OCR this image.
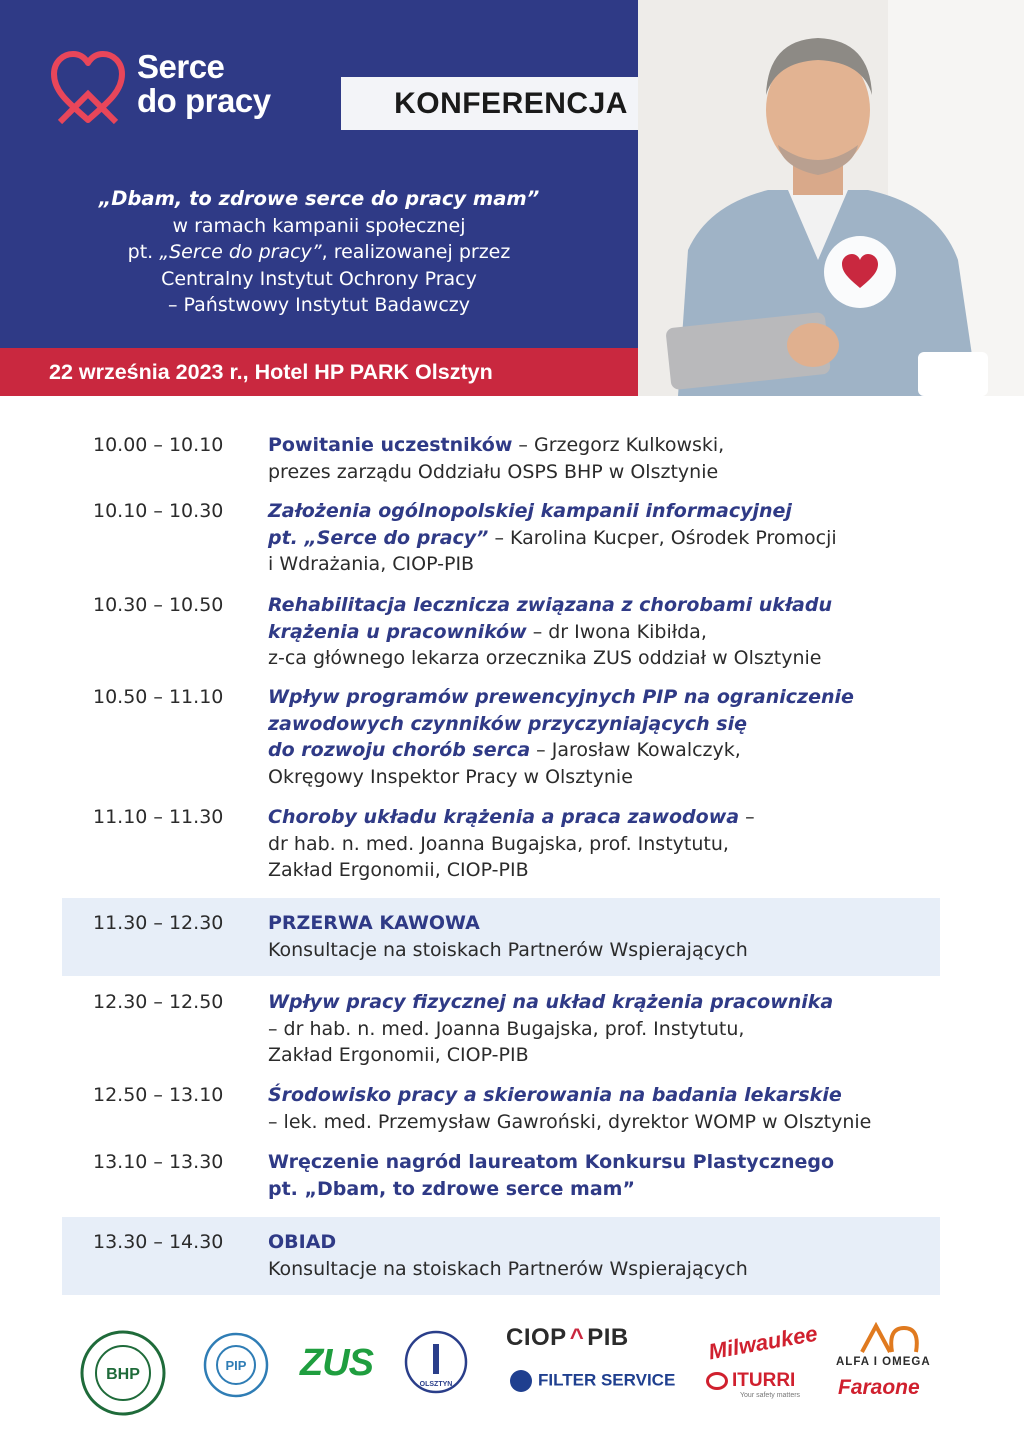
Serce
do pracy	KONFERENCJA
„Dbam, to zdrowe serce do pracy mam”
w ramach kampanii społecznej
pt. „Serce do pracy”, realizowanej przez
Centralny Instytut Ochrony Pracy
– Państwowy Instytut Badawczy
22 września 2023 r., Hotel HP PARK Olsztyn
10.00 – 10.10 Powitanie uczestników – Grzegorz Kulkowski,
prezes zarządu Oddziału OSPS BHP w Olsztynie
10.10 – 10.30 Założenia ogólnopolskiej kampanii informacyjnej
pt. „Serce do pracy” – Karolina Kucper, Ośrodek Promocji
i Wdrażania, CIOP-PIB
10.30 – 10.50 Rehabilitacja lecznicza związana z chorobami układu
krążenia u pracowników – dr Iwona Kibiłda,
z-ca głównego lekarza orzecznika ZUS oddział w Olsztynie
10.50 – 11.10 Wpływ programów prewencyjnych PIP na ograniczenie
zawodowych czynników przyczyniających się
do rozwoju chorób serca – Jarosław Kowalczyk,
Okręgowy Inspektor Pracy w Olsztynie
11.10 – 11.30 Choroby układu krążenia a praca zawodowa –
dr hab. n. med. Joanna Bugajska, prof. Instytutu,
Zakład Ergonomii, CIOP-PIB
11.30 – 12.30 PRZERWA KAWOWA
Konsultacje na stoiskach Partnerów Wspierających
12.30 – 12.50 Wpływ pracy fizycznej na układ krążenia pracownika
– dr hab. n. med. Joanna Bugajska, prof. Instytutu,
Zakład Ergonomii, CIOP-PIB
12.50 – 13.10 Środowisko pracy a skierowania na badania lekarskie
– lek. med. Przemysław Gawroński, dyrektor WOMP w Olsztynie
13.10 – 13.30 Wręczenie nagród laureatom Konkursu Plastycznego
pt. „Dbam, to zdrowe serce mam”
13.30 – 14.30 OBIAD
Konsultacje na stoiskach Partnerów Wspierających
BHP
PIP ZUS
OLSZTYN
CIOP ^ PIB
FILTER SERVICE
Milwaukee
ITURRI
Your safety matters
ALFA I OMEGA
Faraone
